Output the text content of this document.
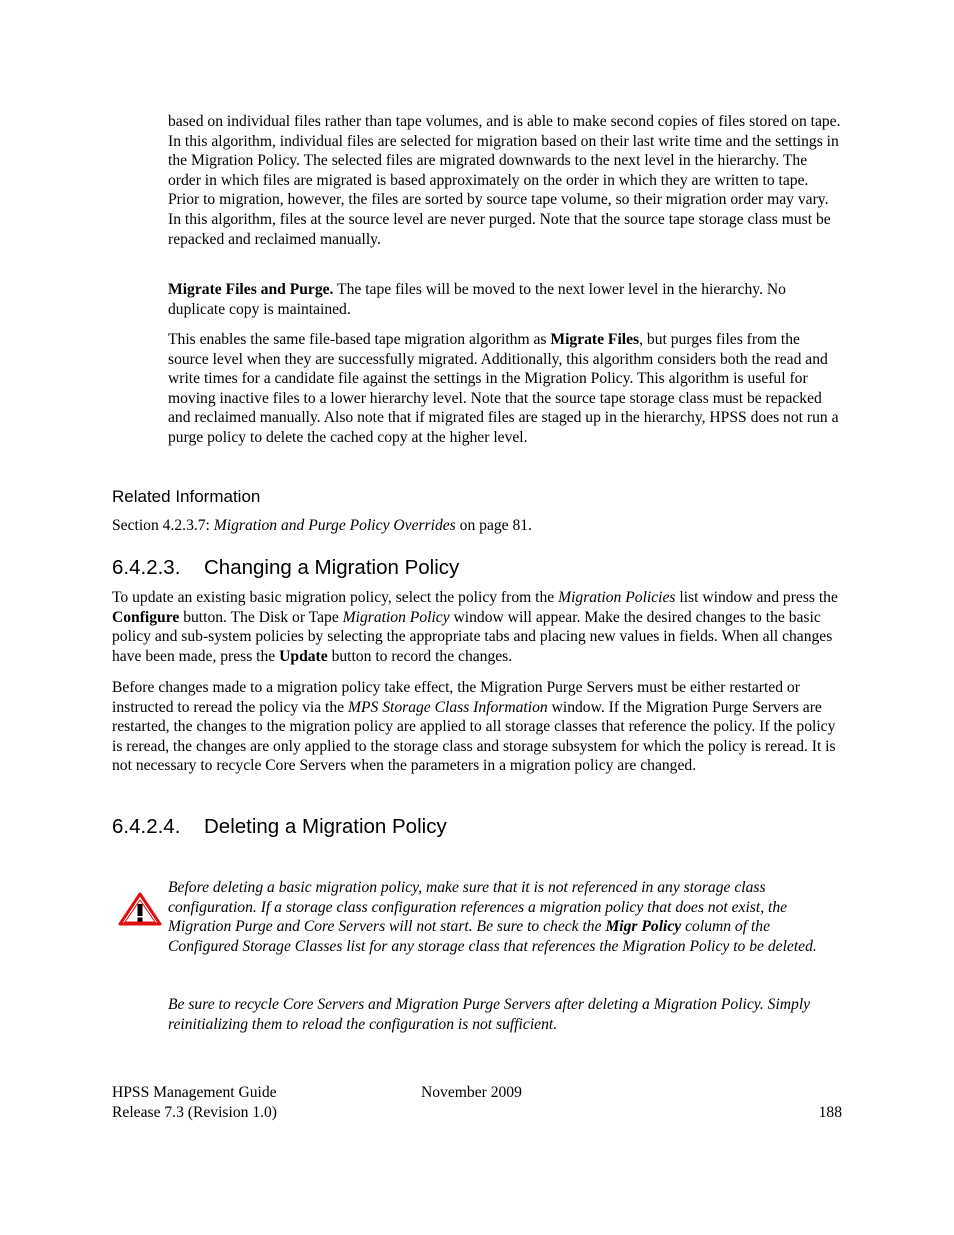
based on individual files rather than tape volumes, and is able to make second copies of files stored on tape. In this algorithm, individual files are selected for migration based on their last write time and the settings in the Migration Policy. The selected files are migrated downwards to the next level in the hierarchy. The order in which files are migrated is based approximately on the order in which they are written to tape. Prior to migration, however, the files are sorted by source tape volume, so their migration order may vary. In this algorithm, files at the source level are never purged. Note that the source tape storage class must be repacked and reclaimed manually.

Migrate Files and Purge. The tape files will be moved to the next lower level in the hierarchy. No duplicate copy is maintained.

This enables the same file-based tape migration algorithm as Migrate Files, but purges files from the source level when they are successfully migrated. Additionally, this algorithm considers both the read and write times for a candidate file against the settings in the Migration Policy. This algorithm is useful for moving inactive files to a lower hierarchy level. Note that the source tape storage class must be repacked and reclaimed manually. Also note that if migrated files are staged up in the hierarchy, HPSS does not run a purge policy to delete the cached copy at the higher level.

Related Information

Section 4.2.3.7: Migration and Purge Policy Overrides on page 81.

6.4.2.3. Changing a Migration Policy

To update an existing basic migration policy, select the policy from the Migration Policies list window and press the Configure button. The Disk or Tape Migration Policy window will appear. Make the desired changes to the basic policy and sub-system policies by selecting the appropriate tabs and placing new values in fields. When all changes have been made, press the Update button to record the changes.

Before changes made to a migration policy take effect, the Migration Purge Servers must be either restarted or instructed to reread the policy via the MPS Storage Class Information window. If the Migration Purge Servers are restarted, the changes to the migration policy are applied to all storage classes that reference the policy. If the policy is reread, the changes are only applied to the storage class and storage subsystem for which the policy is reread. It is not necessary to recycle Core Servers when the parameters in a migration policy are changed.

6.4.2.4. Deleting a Migration Policy

Before deleting a basic migration policy, make sure that it is not referenced in any storage class configuration. If a storage class configuration references a migration policy that does not exist, the Migration Purge and Core Servers will not start. Be sure to check the Migr Policy column of the Configured Storage Classes list for any storage class that references the Migration Policy to be deleted.

Be sure to recycle Core Servers and Migration Purge Servers after deleting a Migration Policy. Simply reinitializing them to reload the configuration is not sufficient.

HPSS Management Guide	November 2009

Release 7.3 (Revision 1.0)	188
